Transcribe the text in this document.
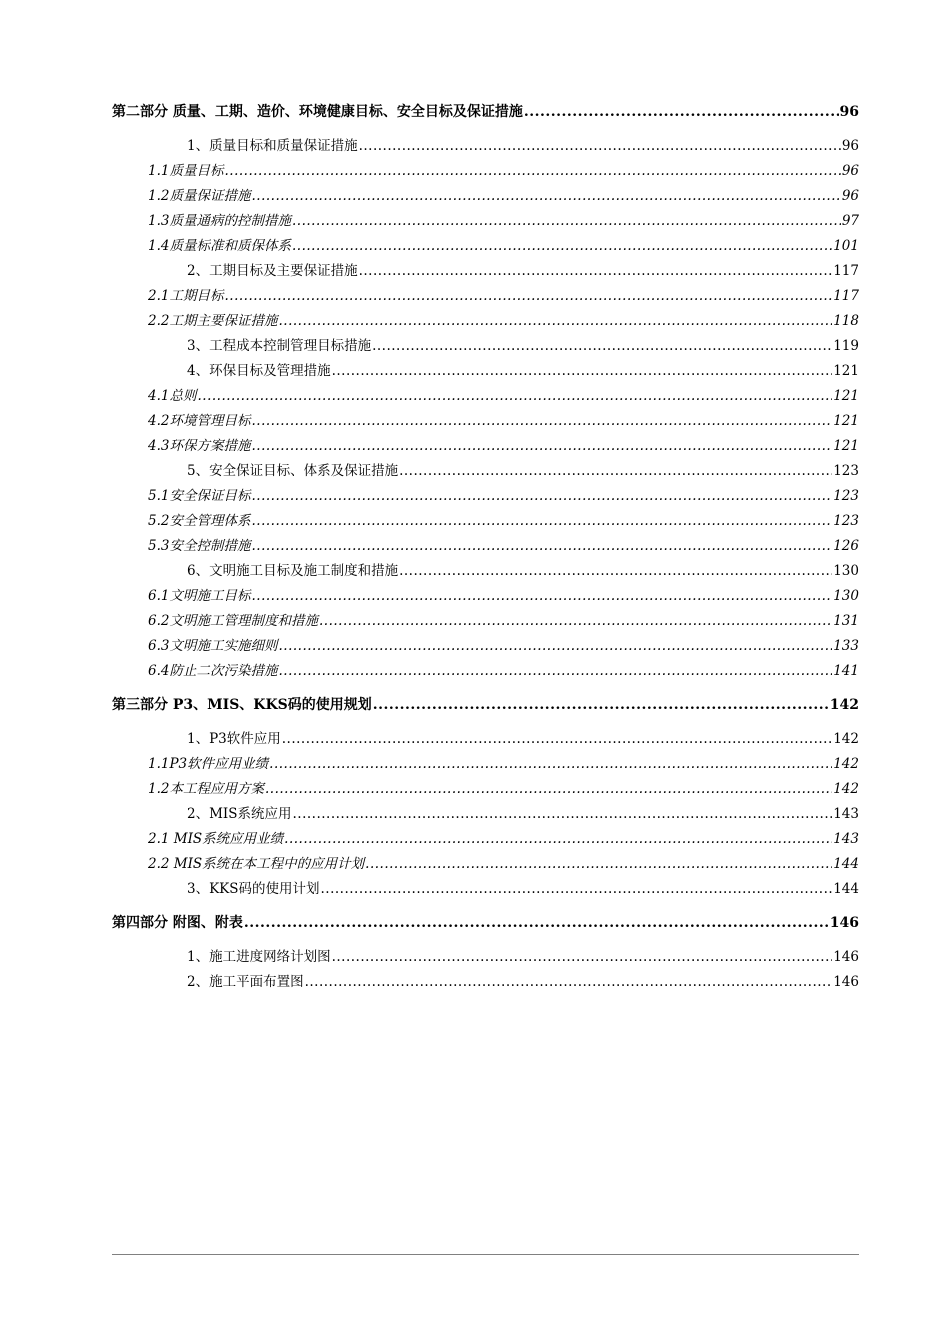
第二部分 质量、工期、造价、环境健康目标、安全目标及保证措施 .....	96
1、质量目标和质量保证措施 .....	96
1.1质量目标 .....	96
1.2质量保证措施 .....	96
1.3质量通病的控制措施 .....	97
1.4质量标准和质保体系 .....	101
2、工期目标及主要保证措施 .....	117
2.1工期目标 .....	117
2.2工期主要保证措施 .....	118
3、工程成本控制管理目标措施 .....	119
4、环保目标及管理措施 .....	121
4.1总则 .....	121
4.2环境管理目标 .....	121
4.3环保方案措施 .....	121
5、安全保证目标、体系及保证措施 .....	123
5.1安全保证目标 .....	123
5.2安全管理体系 .....	123
5.3安全控制措施 .....	126
6、文明施工目标及施工制度和措施 .....	130
6.1文明施工目标 .....	130
6.2文明施工管理制度和措施 .....	131
6.3文明施工实施细则 .....	133
6.4防止二次污染措施 .....	141
第三部分 P3、MIS、KKS码的使用规划 .....	142
1、P3软件应用 .....	142
1.1P3软件应用业绩 .....	142
1.2本工程应用方案 .....	142
2、MIS系统应用 .....	143
2.1 MIS系统应用业绩 .....	143
2.2 MIS系统在本工程中的应用计划 .....	144
3、KKS码的使用计划 .....	144
第四部分 附图、附表 .....	146
1、施工进度网络计划图 .....	146
2、施工平面布置图 .....	146
